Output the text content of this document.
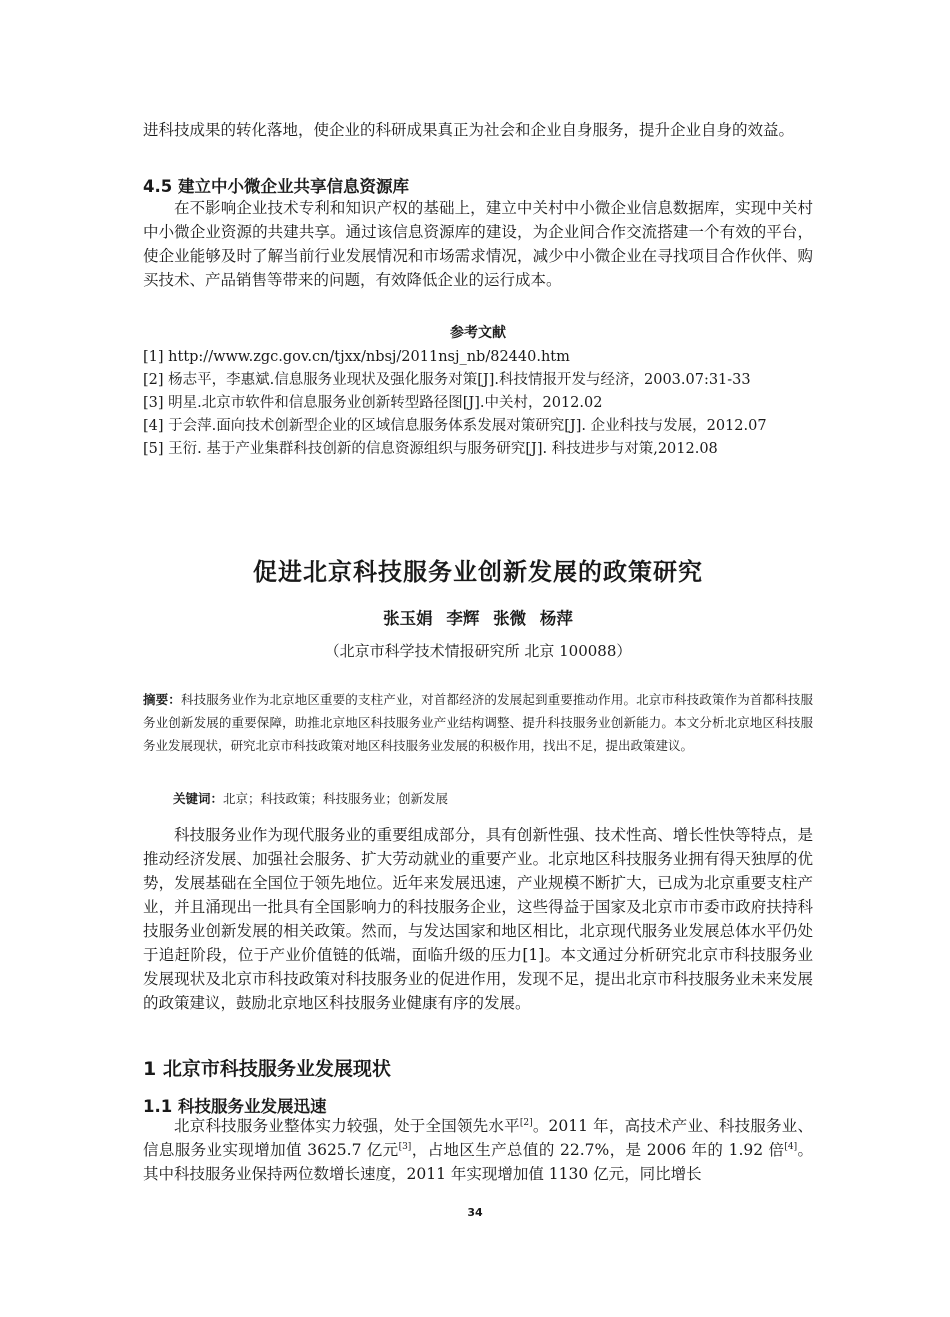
进科技成果的转化落地，使企业的科研成果真正为社会和企业自身服务，提升企业自身的效益。

4.5 建立中小微企业共享信息资源库

在不影响企业技术专利和知识产权的基础上，建立中关村中小微企业信息数据库，实现中关村中小微企业资源的共建共享。通过该信息资源库的建设，为企业间合作交流搭建一个有效的平台，使企业能够及时了解当前行业发展情况和市场需求情况，减少中小微企业在寻找项目合作伙伴、购买技术、产品销售等带来的问题，有效降低企业的运行成本。

参考文献
[1] http://www.zgc.gov.cn/tjxx/nbsj/2011nsj_nb/82440.htm
[2] 杨志平，李惠斌.信息服务业现状及强化服务对策[J].科技情报开发与经济，2003.07:31-33
[3] 明星.北京市软件和信息服务业创新转型路径图[J].中关村，2012.02
[4] 于会萍.面向技术创新型企业的区域信息服务体系发展对策研究[J]. 企业科技与发展，2012.07
[5] 王衍. 基于产业集群科技创新的信息资源组织与服务研究[J]. 科技进步与对策,2012.08
促进北京科技服务业创新发展的政策研究
张玉娟 李辉 张微 杨萍
（北京市科学技术情报研究所 北京 100088）

摘要：科技服务业作为北京地区重要的支柱产业，对首都经济的发展起到重要推动作用。北京市科技政策作为首都科技服务业创新发展的重要保障，助推北京地区科技服务业产业结构调整、提升科技服务业创新能力。本文分析北京地区科技服务业发展现状，研究北京市科技政策对地区科技服务业发展的积极作用，找出不足，提出政策建议。

关键词：北京；科技政策；科技服务业；创新发展

科技服务业作为现代服务业的重要组成部分，具有创新性强、技术性高、增长性快等特点，是推动经济发展、加强社会服务、扩大劳动就业的重要产业。北京地区科技服务业拥有得天独厚的优势，发展基础在全国位于领先地位。近年来发展迅速，产业规模不断扩大，已成为北京重要支柱产业，并且涌现出一批具有全国影响力的科技服务企业，这些得益于国家及北京市市委市政府扶持科技服务业创新发展的相关政策。然而，与发达国家和地区相比，北京现代服务业发展总体水平仍处于追赶阶段，位于产业价值链的低端，面临升级的压力[1]。本文通过分析研究北京市科技服务业发展现状及北京市科技政策对科技服务业的促进作用，发现不足，提出北京市科技服务业未来发展的政策建议，鼓励北京地区科技服务业健康有序的发展。

1 北京市科技服务业发展现状
1.1 科技服务业发展迅速

北京科技服务业整体实力较强，处于全国领先水平[2]。2011 年，高技术产业、科技服务业、信息服务业实现增加值 3625.7 亿元[3]，占地区生产总值的 22.7%，是 2006 年的 1.92 倍[4]。其中科技服务业保持两位数增长速度，2011 年实现增加值 1130 亿元，同比增长

34
